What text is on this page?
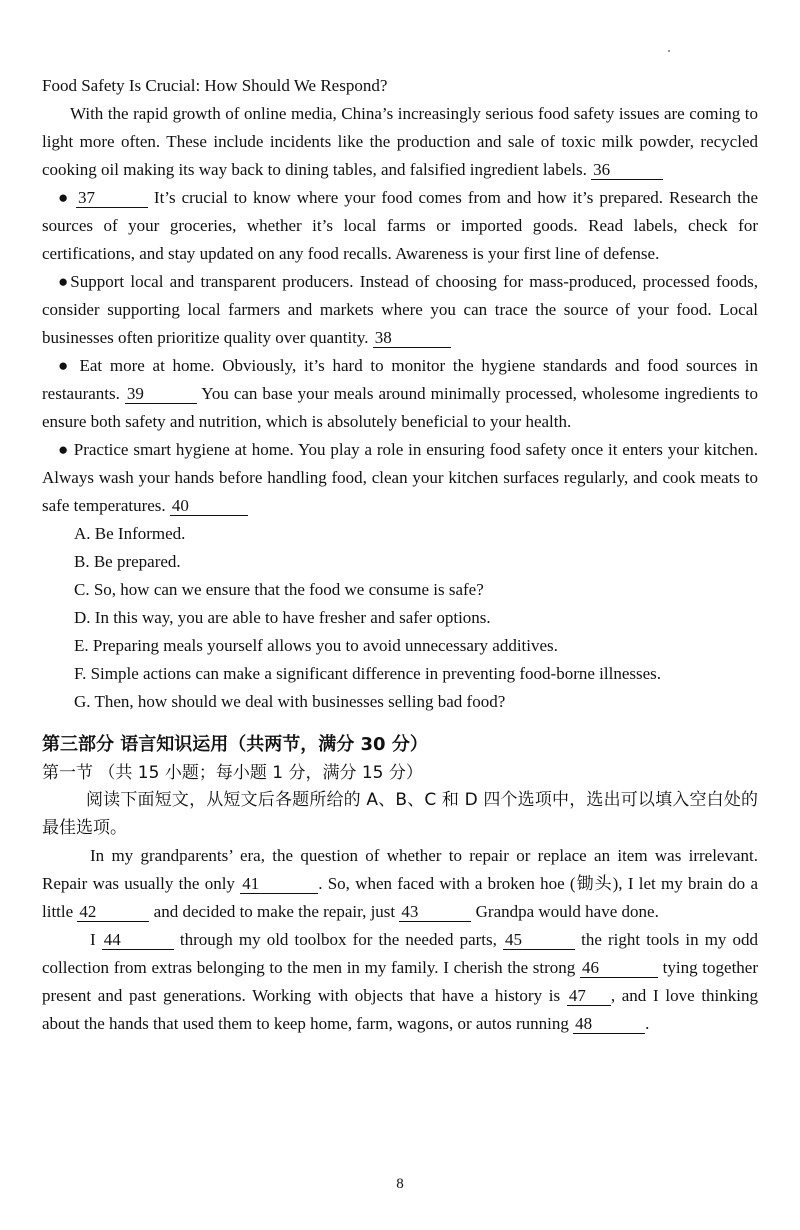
Food Safety Is Crucial: How Should We Respond?

With the rapid growth of online media, China’s increasingly serious food safety issues are coming to light more often. These include incidents like the production and sale of toxic milk powder, recycled cooking oil making its way back to dining tables, and falsified ingredient labels. 36

● 37	It’s crucial to know where your food comes from and how it’s prepared. Research the sources of your groceries, whether it’s local farms or imported goods. Read labels, check for certifications, and stay updated on any food recalls. Awareness is your first line of defense.

●Support local and transparent producers. Instead of choosing for mass-produced, processed foods, consider supporting local farmers and markets where you can trace the source of your food. Local businesses often prioritize quality over quantity. 38

● Eat more at home. Obviously, it’s hard to monitor the hygiene standards and food sources in restaurants. 39	You can base your meals around minimally processed, wholesome ingredients to ensure both safety and nutrition, which is absolutely beneficial to your health.

● Practice smart hygiene at home. You play a role in ensuring food safety once it enters your kitchen. Always wash your hands before handling food, clean your kitchen surfaces regularly, and cook meats to safe temperatures. 40

A. Be Informed.

B. Be prepared.

C. So, how can we ensure that the food we consume is safe?

D. In this way, you are able to have fresher and safer options.

E. Preparing meals yourself allows you to avoid unnecessary additives.

F. Simple actions can make a significant difference in preventing food-borne illnesses.

G. Then, how should we deal with businesses selling bad food?

第三部分 语言知识运用（共两节，满分 30 分）
第一节 （共 15 小题；每小题 1 分，满分 15 分）
阅读下面短文，从短文后各题所给的 A、B、C 和 D 四个选项中，选出可以填入空白处的最佳选项。

In my grandparents’ era, the question of whether to repair or replace an item was irrelevant. Repair was usually the only 41	. So, when faced with a broken hoe (锄头), I let my brain do a little 42	and decided to make the repair, just 43	Grandpa would have done.

I 44	through my old toolbox for the needed parts, 45	the right tools in my odd collection from extras belonging to the men in my family. I cherish the strong 46	tying together present and past generations. Working with objects that have a history is 47 , and I love thinking about the hands that used them to keep home, farm, wagons, or autos running 48	.

8
